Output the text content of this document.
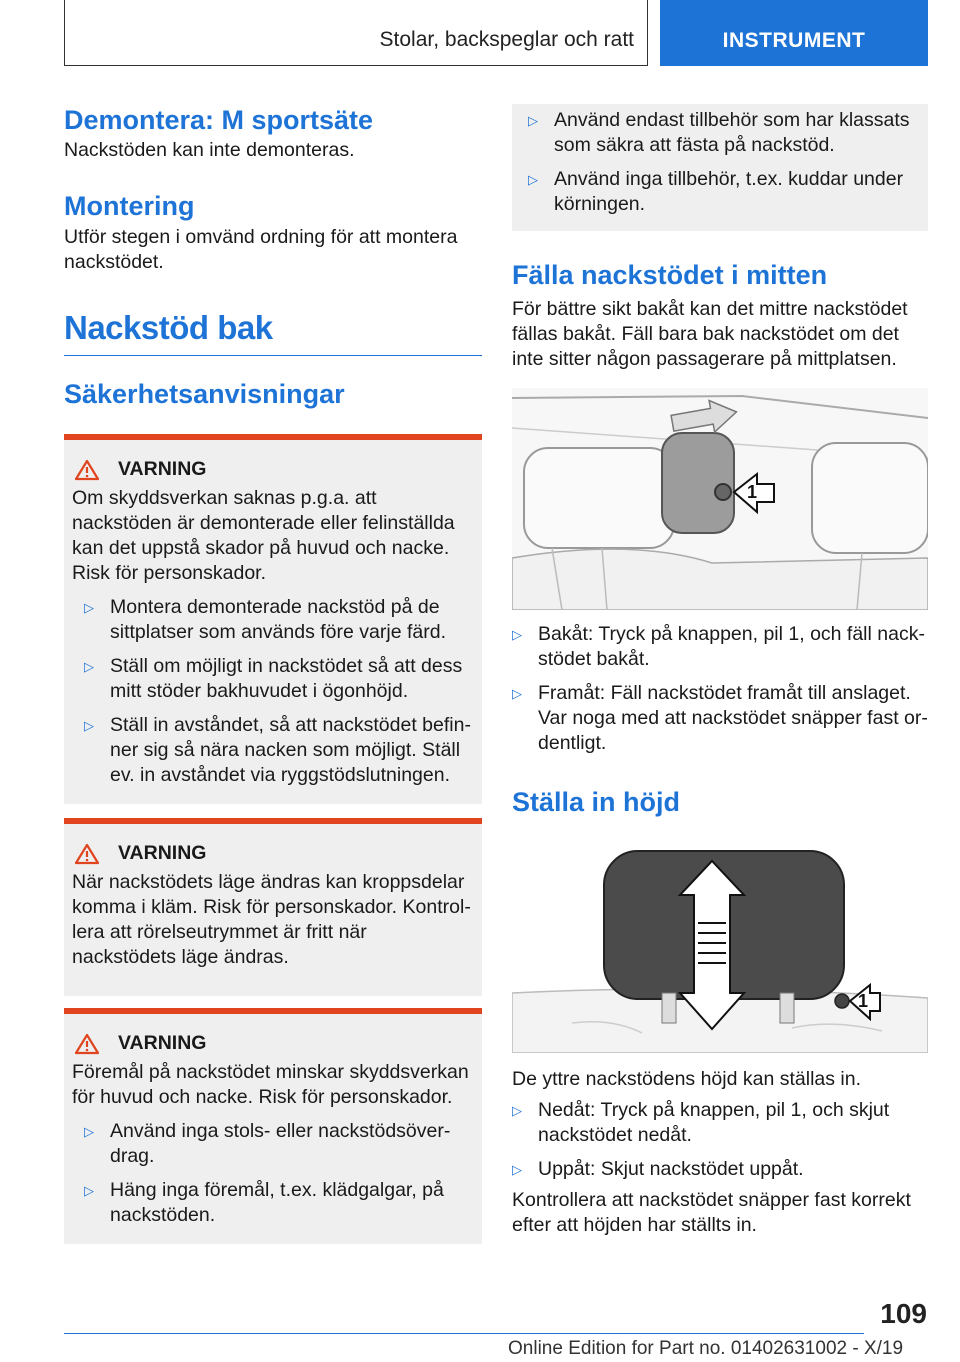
Stolar, backspeglar och ratt	INSTRUMENT
Demontera: M sportsäte

Nackstöden kan inte demonteras.

Montering

Utför stegen i omvänd ordning för att montera nackstödet.

Nackstöd bak
Säkerhetsanvisningar
VARNING

Om skyddsverkan saknas p.g.a. att nackstöden är demonterade eller felinställda kan det uppstå skador på huvud och nacke. Risk för personskador.

▷ Montera demonterade nackstöd på de sittplatser som används före varje färd.
▷ Ställ om möjligt in nackstödet så att dess mitt stöder bakhuvudet i ögonhöjd.
▷ Ställ in avståndet, så att nackstödet befinner sig så nära nacken som möjligt. Ställ ev. in avståndet via ryggstödslutningen.
VARNING

När nackstödets läge ändras kan kroppsdelar komma i kläm. Risk för personskador. Kontrollera att rörelseutrymmet är fritt när nackstödets läge ändras.

VARNING

Föremål på nackstödet minskar skyddsverkan för huvud och nacke. Risk för personskador.

▷ Använd inga stols- eller nackstödsöverdrag.
▷ Häng inga föremål, t.ex. klädgalgar, på nackstöden.
▷ Använd endast tillbehör som har klassats som säkra att fästa på nackstöd.
▷ Använd inga tillbehör, t.ex. kuddar under körningen.
Fälla nackstödet i mitten

För bättre sikt bakåt kan det mittre nackstödet fällas bakåt. Fäll bara bak nackstödet om det inte sitter någon passagerare på mittplatsen.

1
▷ Bakåt: Tryck på knappen, pil 1, och fäll nackstödet bakåt.
▷ Framåt: Fäll nackstödet framåt till anslaget. Var noga med att nackstödet snäpper fast ordentligt.
Ställa in höjd
1

De yttre nackstödens höjd kan ställas in.

▷ Nedåt: Tryck på knappen, pil 1, och skjut nackstödet nedåt.
▷ Uppåt: Skjut nackstödet uppåt.

Kontrollera att nackstödet snäpper fast korrekt efter att höjden har ställts in.

109
Online Edition for Part no. 01402631002 - X/19
